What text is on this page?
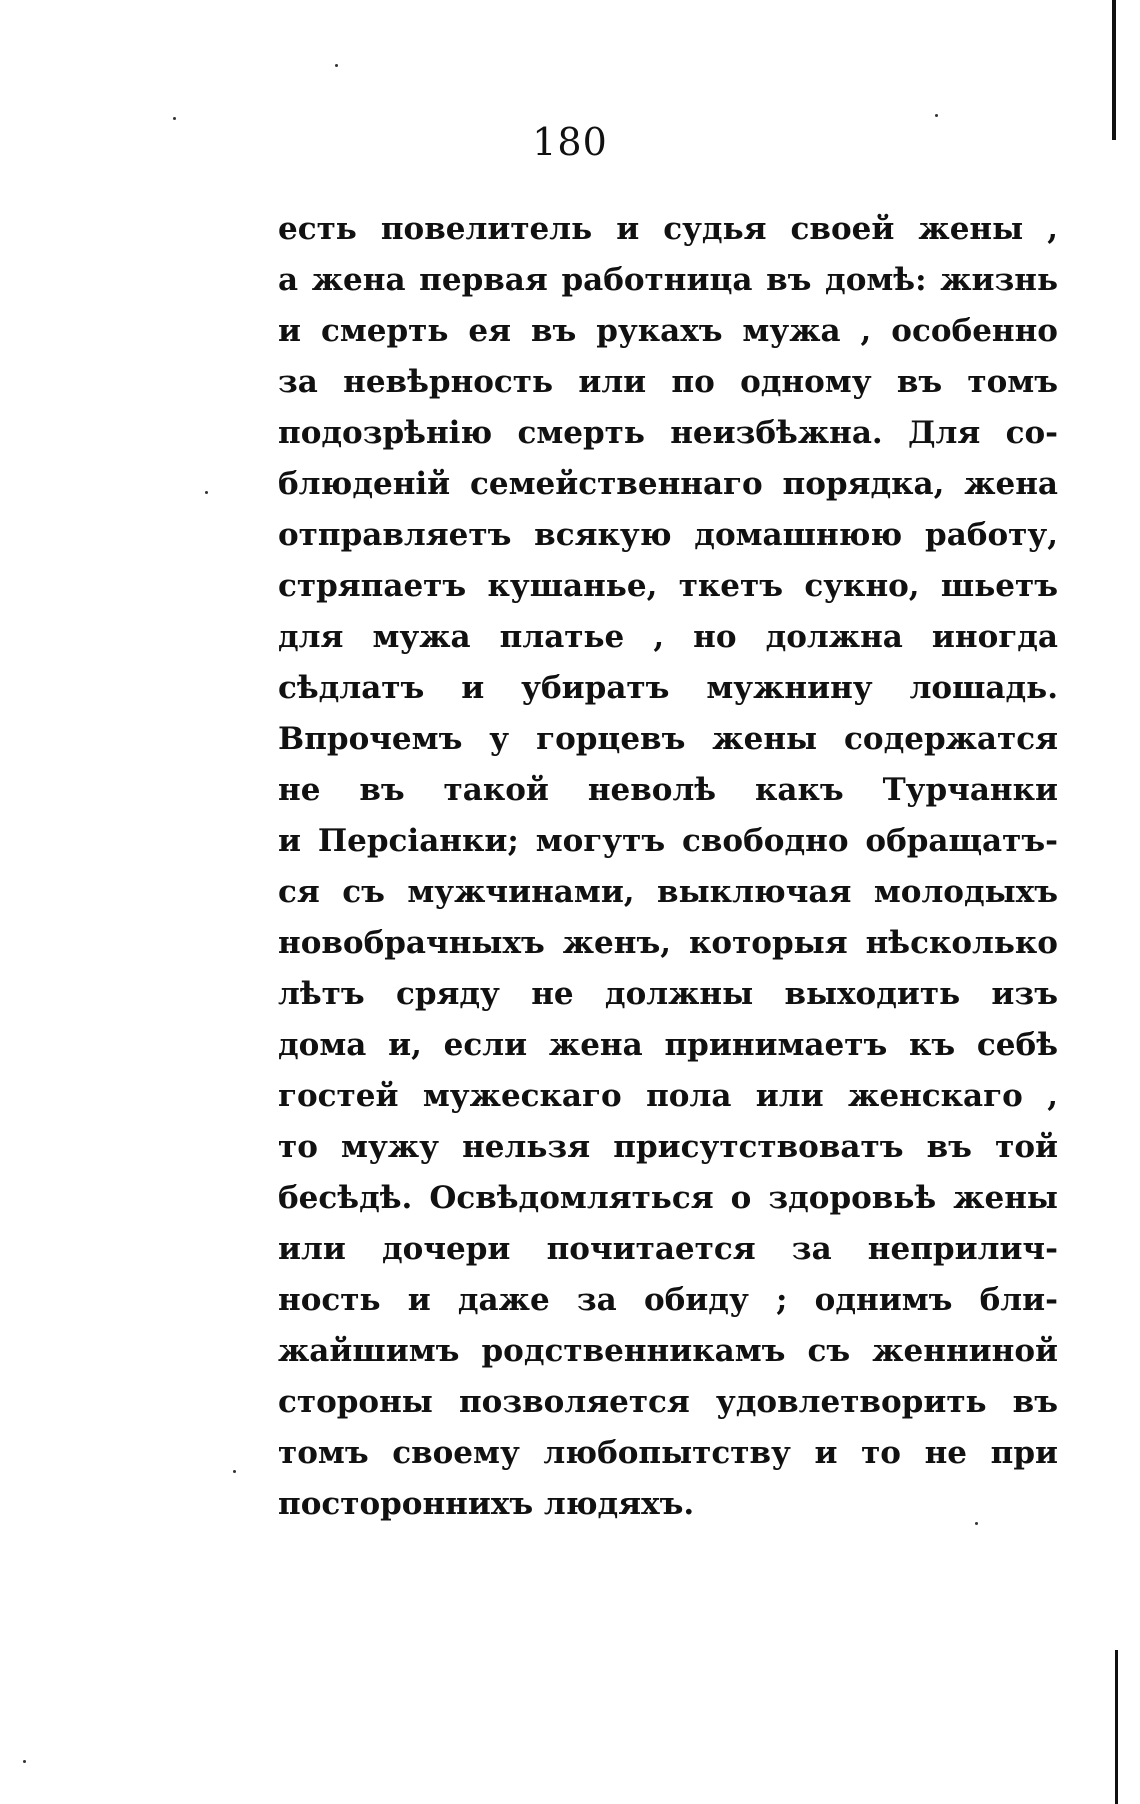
180
есть повелитель и судья своей жены ,
а жена первая работница въ домѣ: жизнь
и смерть ея въ рукахъ мужа , особенно
за невѣрность или по одному въ томъ
подозрѣнію смерть неизбѣжна. Для со-
блюденій семейственнаго порядка, жена
отправляетъ всякую домашнюю работу,
стряпаетъ кушанье, ткетъ сукно, шьетъ
для мужа платье , но должна иногда
сѣдлатъ и убиратъ мужнину лошадь.
Впрочемъ у горцевъ жены содержатся
не въ такой неволѣ какъ Турчанки
и Персіанки; могутъ свободно обращатъ-
ся съ мужчинами, выключая молодыхъ
новобрачныхъ женъ, которыя нѣсколько
лѣтъ сряду не должны выходить изъ
дома и, если жена принимаетъ къ себѣ
гостей мужескаго пола или женскаго ,
то мужу нельзя присутствоватъ въ той
бесѣдѣ. Освѣдомляться о здоровьѣ жены
или дочери почитается за неприлич-
ность и даже за обиду ; однимъ бли-
жайшимъ родственникамъ съ женниной
стороны позволяется удовлетворить въ
томъ своему любопытству и то не при
постороннихъ людяхъ.
